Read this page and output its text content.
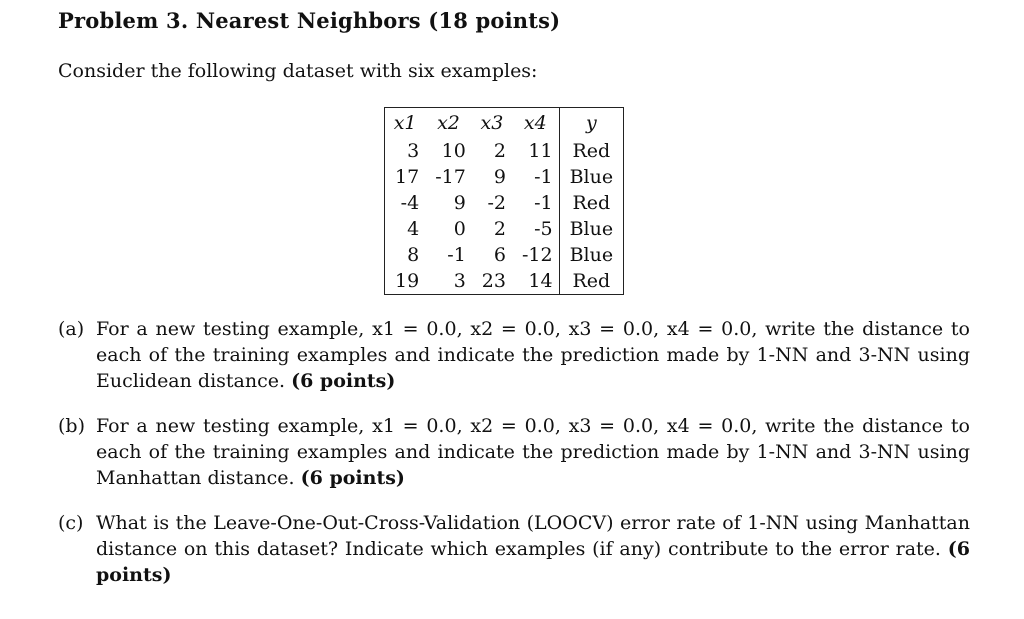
Problem 3. Nearest Neighbors (18 points)
Consider the following dataset with six examples:
x1	x2	x3	x4	y
3	10	2	11	Red
17	-17	9	-1	Blue
-4	9	-2	-1	Red
4	0	2	-5	Blue
8	-1	6	-12	Blue
19	3	23	14	Red
(a) For a new testing example, x1 = 0.0, x2 = 0.0, x3 = 0.0, x4 = 0.0, write the distance to each of the training examples and indicate the prediction made by 1-NN and 3-NN using Euclidean distance. (6 points)
(b) For a new testing example, x1 = 0.0, x2 = 0.0, x3 = 0.0, x4 = 0.0, write the distance to each of the training examples and indicate the prediction made by 1-NN and 3-NN using Manhattan distance. (6 points)
(c) What is the Leave-One-Out-Cross-Validation (LOOCV) error rate of 1-NN using Manhattan distance on this dataset? Indicate which examples (if any) contribute to the error rate. (6 points)
